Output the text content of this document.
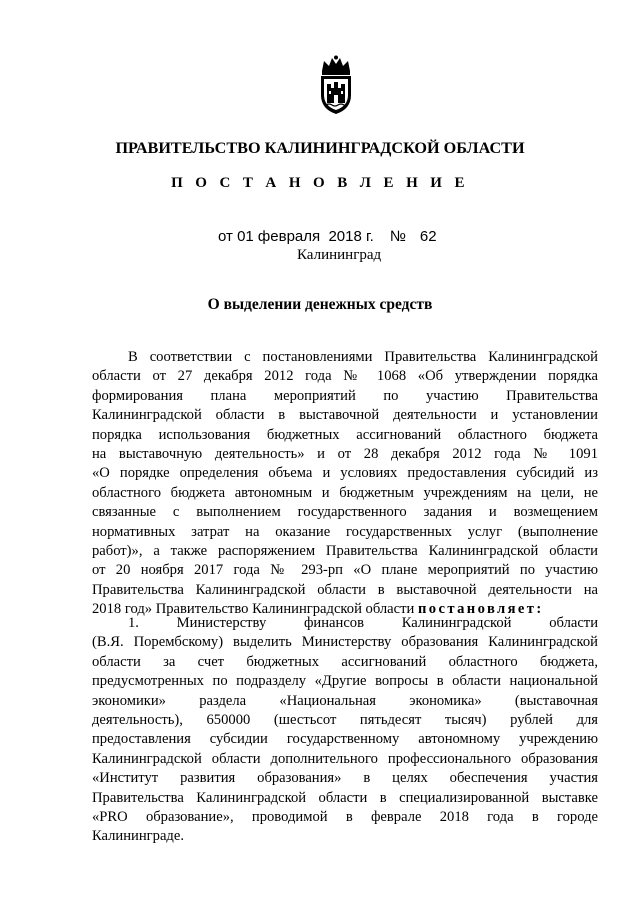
ПРАВИТЕЛЬСТВО КАЛИНИНГРАДСКОЙ ОБЛАСТИ
П О С Т А Н О В Л Е Н И Е
от 01 февраля  2018 г. № 62
Калининград
О выделении денежных средств
В соответствии с постановлениями Правительства Калининградской
области от 27 декабря 2012 года № 1068 «Об утверждении порядка
формирования плана мероприятий по участию Правительства
Калининградской области в выставочной деятельности и установлении
порядка использования бюджетных ассигнований областного бюджета
на выставочную деятельность» и от 28 декабря 2012 года № 1091
«О порядке определения объема и условиях предоставления субсидий из
областного бюджета автономным и бюджетным учреждениям на цели, не
связанные с выполнением государственного задания и возмещением
нормативных затрат на оказание государственных услуг (выполнение
работ)», а также распоряжением Правительства Калининградской области
от 20 ноября 2017 года № 293-рп «О плане мероприятий по участию
Правительства Калининградской области в выставочной деятельности на
2018 год» Правительство Калининградской области постановляет:
1. Министерству финансов Калининградской области
(В.Я. Порембскому) выделить Министерству образования Калининградской
области за счет бюджетных ассигнований областного бюджета,
предусмотренных по подразделу «Другие вопросы в области национальной
экономики» раздела «Национальная экономика» (выставочная
деятельность), 650000 (шестьсот пятьдесят тысяч) рублей для
предоставления субсидии государственному автономному учреждению
Калининградской области дополнительного профессионального образования
«Институт развития образования» в целях обеспечения участия
Правительства Калининградской области в специализированной выставке
«PRO образование», проводимой в феврале 2018 года в городе
Калининграде.
